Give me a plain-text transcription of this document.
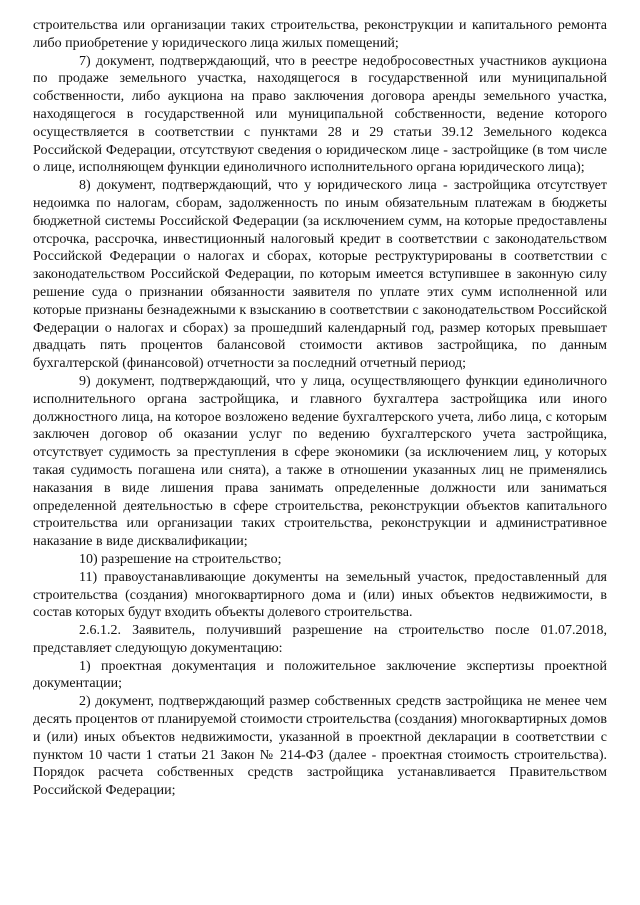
строительства или организации таких строительства, реконструкции и капитального ремонта либо приобретение у юридического лица жилых помещений;

7) документ, подтверждающий, что в реестре недобросовестных участников аукциона по продаже земельного участка, находящегося в государственной или муниципальной собственности, либо аукциона на право заключения договора аренды земельного участка, находящегося в государственной или муниципальной собственности, ведение которого осуществляется в соответствии с пунктами 28 и 29 статьи 39.12 Земельного кодекса Российской Федерации, отсутствуют сведения о юридическом лице - застройщике (в том числе о лице, исполняющем функции единоличного исполнительного органа юридического лица);

8) документ, подтверждающий, что у юридического лица - застройщика отсутствует недоимка по налогам, сборам, задолженность по иным обязательным платежам в бюджеты бюджетной системы Российской Федерации (за исключением сумм, на которые предоставлены отсрочка, рассрочка, инвестиционный налоговый кредит в соответствии с законодательством Российской Федерации о налогах и сборах, которые реструктурированы в соответствии с законодательством Российской Федерации, по которым имеется вступившее в законную силу решение суда о признании обязанности заявителя по уплате этих сумм исполненной или которые признаны безнадежными к взысканию в соответствии с законодательством Российской Федерации о налогах и сборах) за прошедший календарный год, размер которых превышает двадцать пять процентов балансовой стоимости активов застройщика, по данным бухгалтерской (финансовой) отчетности за последний отчетный период;

9) документ, подтверждающий, что у лица, осуществляющего функции единоличного исполнительного органа застройщика, и главного бухгалтера застройщика или иного должностного лица, на которое возложено ведение бухгалтерского учета, либо лица, с которым заключен договор об оказании услуг по ведению бухгалтерского учета застройщика, отсутствует судимость за преступления в сфере экономики (за исключением лиц, у которых такая судимость погашена или снята), а также в отношении указанных лиц не применялись наказания в виде лишения права занимать определенные должности или заниматься определенной деятельностью в сфере строительства, реконструкции объектов капитального строительства или организации таких строительства, реконструкции и административное наказание в виде дисквалификации;

10) разрешение на строительство;

11) правоустанавливающие документы на земельный участок, предоставленный для строительства (создания) многоквартирного дома и (или) иных объектов недвижимости, в состав которых будут входить объекты долевого строительства.

2.6.1.2. Заявитель, получивший разрешение на строительство после 01.07.2018, представляет следующую документацию:

1) проектная документация и положительное заключение экспертизы проектной документации;

2) документ, подтверждающий размер собственных средств застройщика не менее чем десять процентов от планируемой стоимости строительства (создания) многоквартирных домов и (или) иных объектов недвижимости, указанной в проектной декларации в соответствии с пунктом 10 части 1 статьи 21 Закон № 214-ФЗ (далее - проектная стоимость строительства). Порядок расчета собственных средств застройщика устанавливается Правительством Российской Федерации;
